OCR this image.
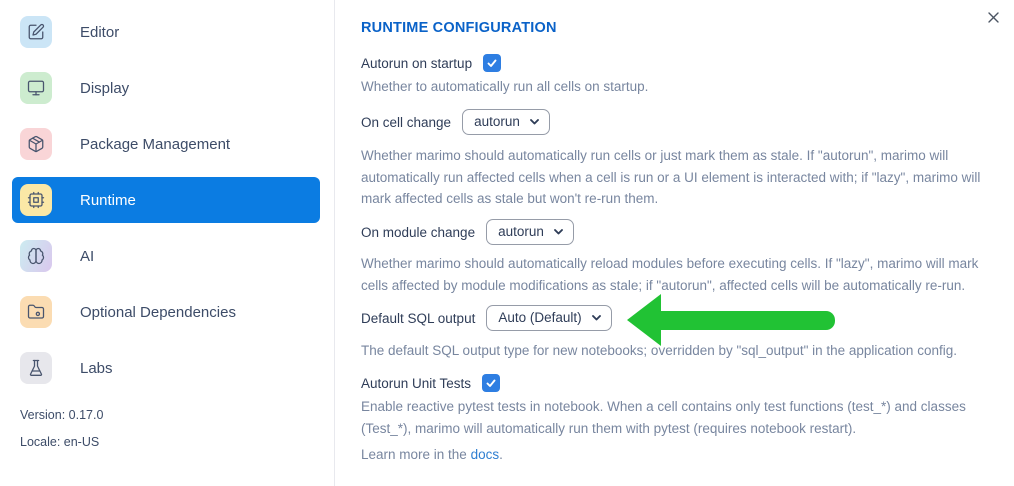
Editor
Display
Package Management
Runtime
AI
Optional Dependencies
Labs
Version: 0.17.0
Locale: en-US
RUNTIME CONFIGURATION
Autorun on startup

Whether to automatically run all cells on startup.

On cell change autorun

Whether marimo should automatically run cells or just mark them as stale. If "autorun", marimo will automatically run affected cells when a cell is run or a UI element is interacted with; if "lazy", marimo will mark affected cells as stale but won't re-run them.

On module change autorun

Whether marimo should automatically reload modules before executing cells. If "lazy", marimo will mark cells affected by module modifications as stale; if "autorun", affected cells will be automatically re-run.

Default SQL output Auto (Default)

The default SQL output type for new notebooks; overridden by "sql_output" in the application config.

Autorun Unit Tests

Enable reactive pytest tests in notebook. When a cell contains only test functions (test_*) and classes (Test_*), marimo will automatically run them with pytest (requires notebook restart).

Learn more in the docs.
